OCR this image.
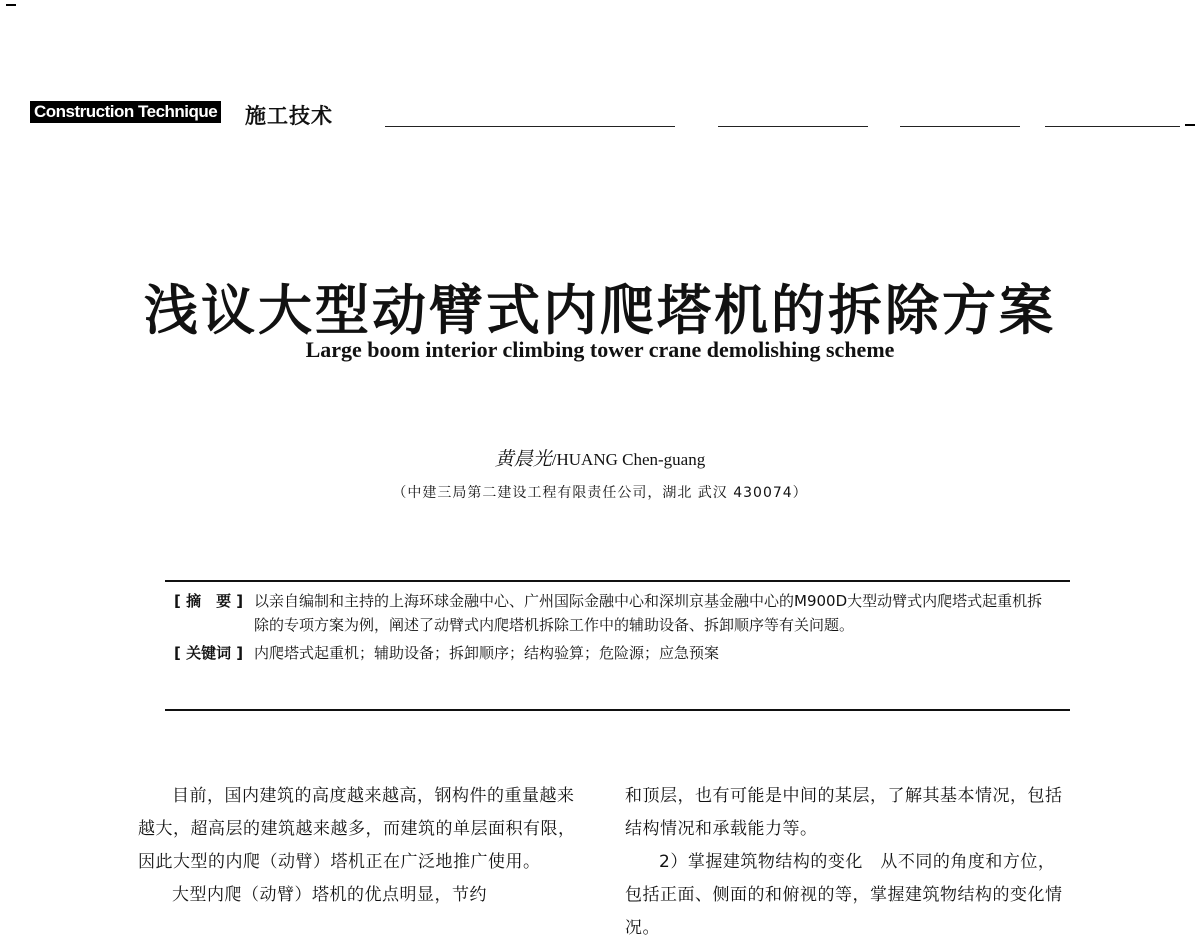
Construction Technique 施工技术
浅议大型动臂式内爬塔机的拆除方案
Large boom interior climbing tower crane demolishing scheme
黄晨光/HUANG Chen-guang
（中建三局第二建设工程有限责任公司，湖北 武汉 430074）
[ 摘　要 ] 以亲自编制和主持的上海环球金融中心、广州国际金融中心和深圳京基金融中心的M900D大型动臂式内爬塔式起重机拆除的专项方案为例，阐述了动臂式内爬塔机拆除工作中的辅助设备、拆卸顺序等有关问题。
[ 关键词 ] 内爬塔式起重机；辅助设备；拆卸顺序；结构验算；危险源；应急预案

目前，国内建筑的高度越来越高，钢构件的重量越来越大，超高层的建筑越来越多，而建筑的单层面积有限，因此大型的内爬（动臂）塔机正在广泛地推广使用。

大型内爬（动臂）塔机的优点明显，节约

和顶层，也有可能是中间的某层，了解其基本情况，包括结构情况和承载能力等。

2）掌握建筑物结构的变化　从不同的角度和方位，包括正面、侧面的和俯视的等，掌握建筑物结构的变化情况。
